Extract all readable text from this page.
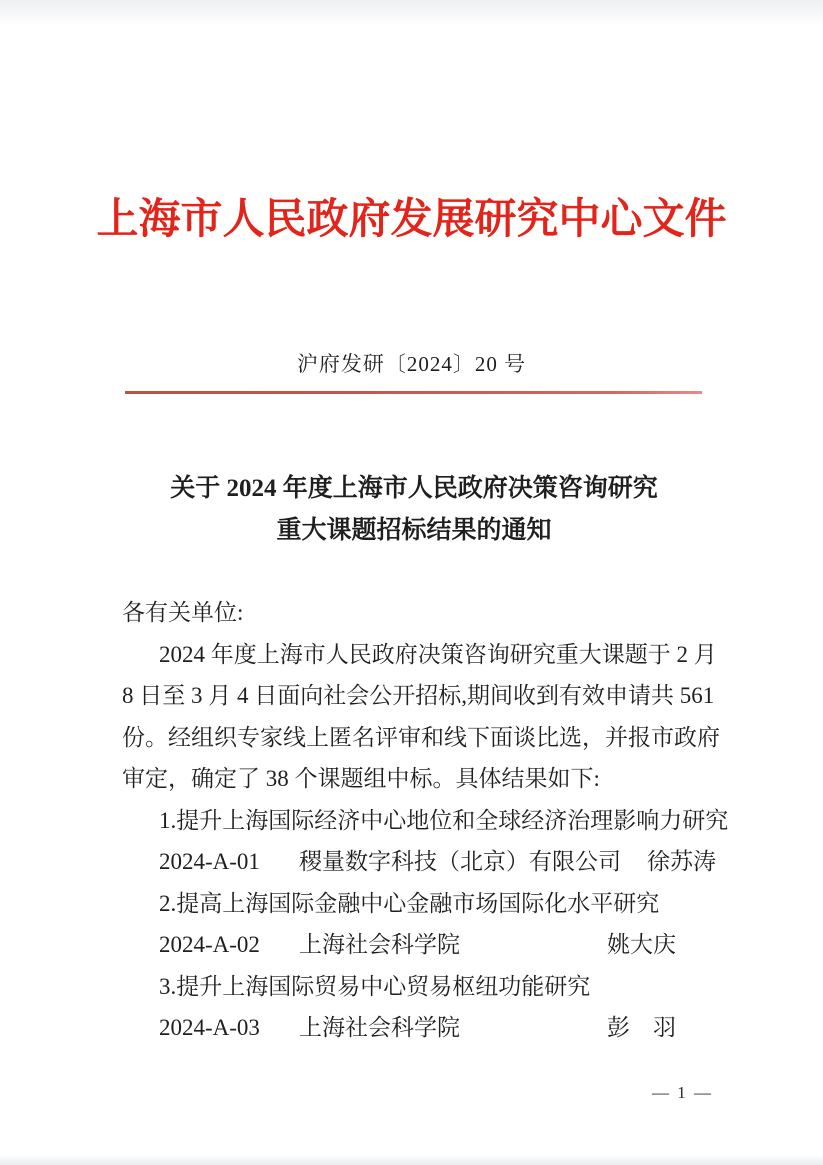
上海市人民政府发展研究中心文件
沪府发研〔2024〕20 号
关于 2024 年度上海市人民政府决策咨询研究
重大课题招标结果的通知
各有关单位:
2024 年度上海市人民政府决策咨询研究重大课题于 2 月
8 日至 3 月 4 日面向社会公开招标,期间收到有效申请共 561
份。经组织专家线上匿名评审和线下面谈比选，并报市政府
审定，确定了 38 个课题组中标。具体结果如下:
1.提升上海国际经济中心地位和全球经济治理影响力研究
2024-A-01	稷量数字科技（北京）有限公司	徐苏涛
2.提高上海国际金融中心金融市场国际化水平研究
2024-A-02	上海社会科学院	姚大庆
3.提升上海国际贸易中心贸易枢纽功能研究
2024-A-03	上海社会科学院	彭　羽
— 1 —
